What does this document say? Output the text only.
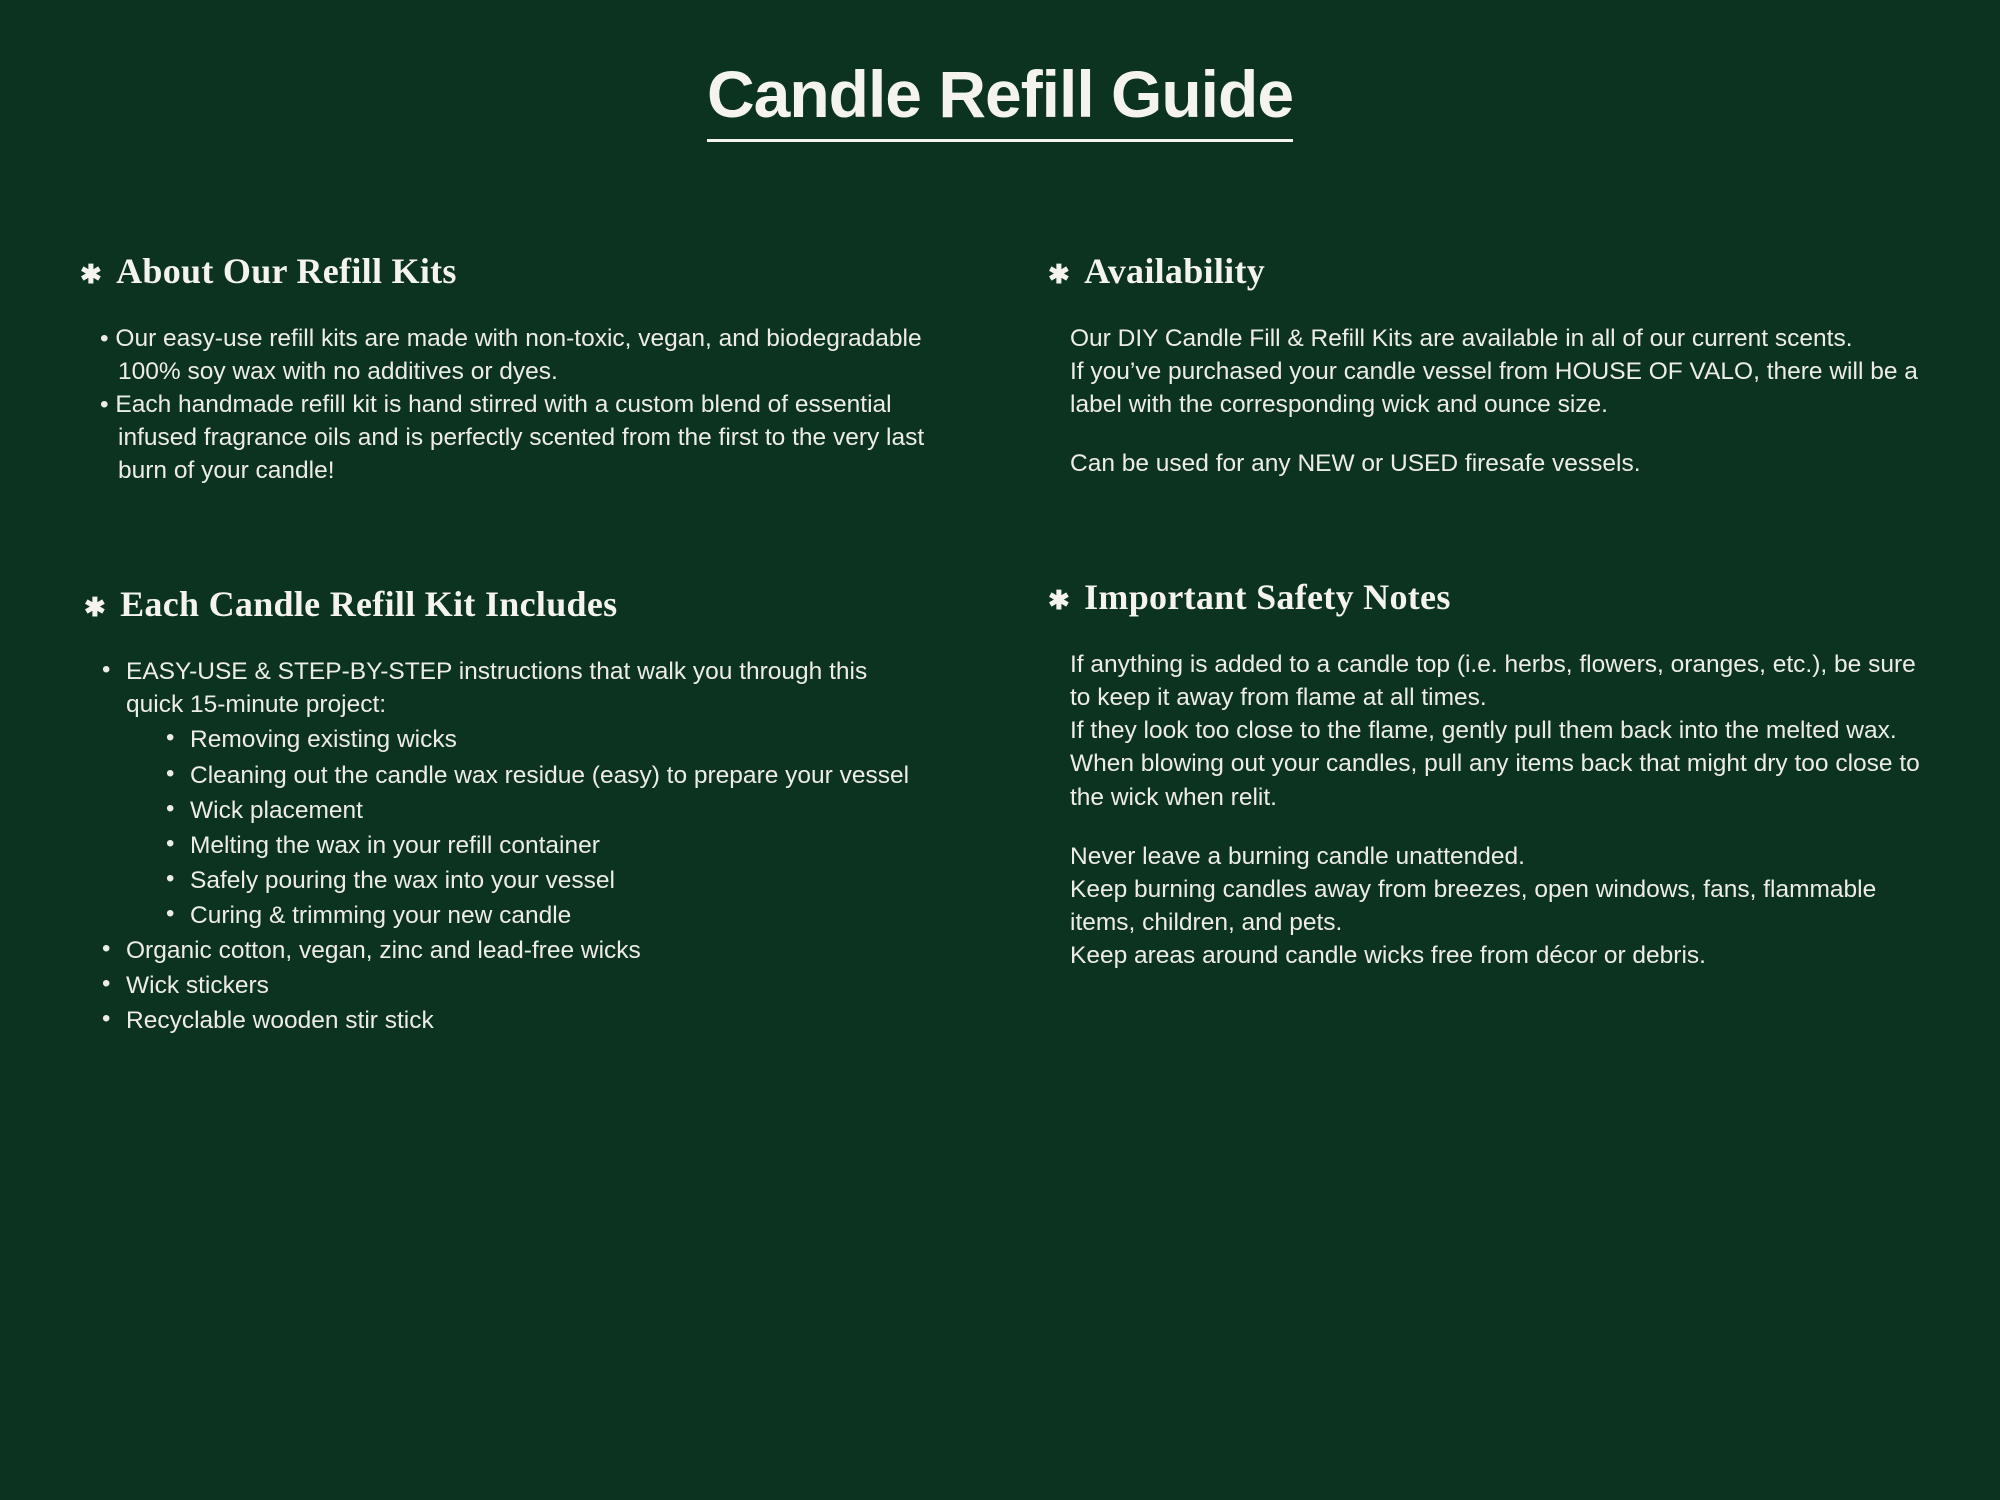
Candle Refill Guide
✱ About Our Refill Kits
• Our easy-use refill kits are made with non-toxic, vegan, and biodegradable 100% soy wax with no additives or dyes.
• Each handmade refill kit is hand stirred with a custom blend of essential infused fragrance oils and is perfectly scented from the first to the very last burn of your candle!
✱ Each Candle Refill Kit Includes
• EASY-USE & STEP-BY-STEP instructions that walk you through this quick 15-minute project:
• Removing existing wicks
• Cleaning out the candle wax residue (easy) to prepare your vessel
• Wick placement
• Melting the wax in your refill container
• Safely pouring the wax into your vessel
• Curing & trimming your new candle
• Organic cotton, vegan, zinc and lead-free wicks
• Wick stickers
• Recyclable wooden stir stick
✱ Availability
Our DIY Candle Fill & Refill Kits are available in all of our current scents.
If you’ve purchased your candle vessel from HOUSE OF VALO, there will be a label with the corresponding wick and ounce size.
Can be used for any NEW or USED firesafe vessels.
✱ Important Safety Notes
If anything is added to a candle top (i.e. herbs, flowers, oranges, etc.), be sure to keep it away from flame at all times.
If they look too close to the flame, gently pull them back into the melted wax.
When blowing out your candles, pull any items back that might dry too close to the wick when relit.
Never leave a burning candle unattended.
Keep burning candles away from breezes, open windows, fans, flammable items, children, and pets.
Keep areas around candle wicks free from décor or debris.
